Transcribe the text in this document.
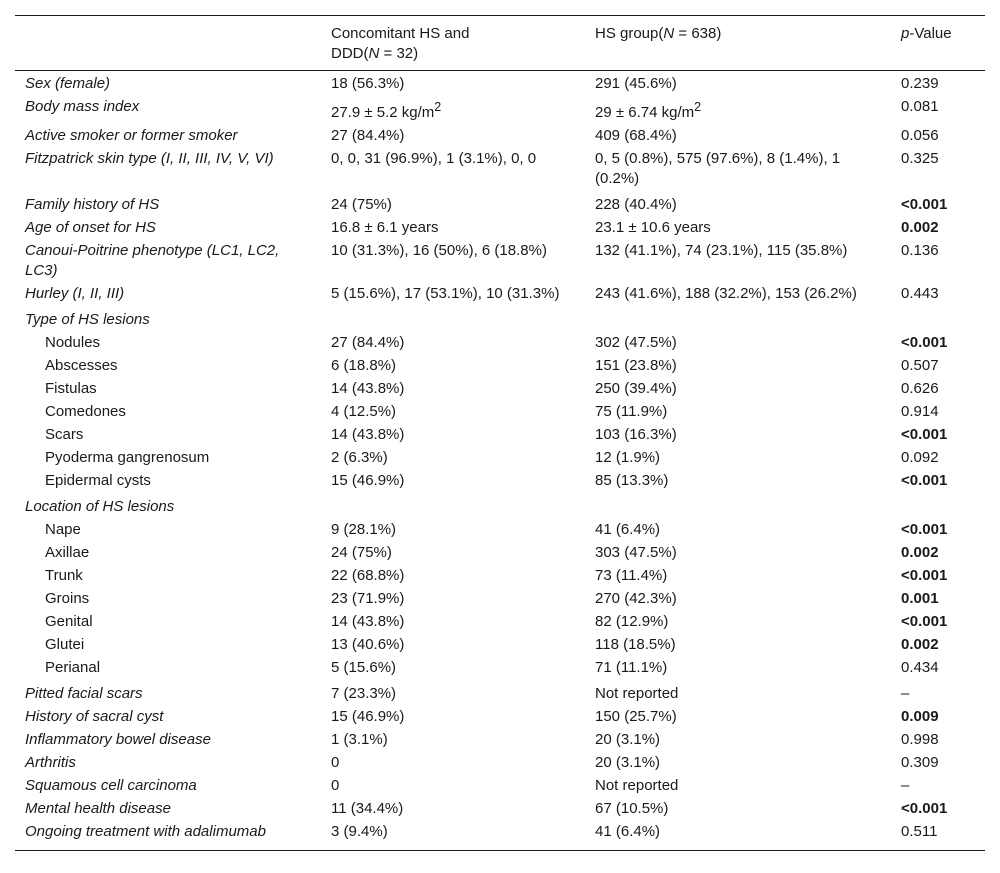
	Concomitant HS and
DDD(N = 32)	HS group(N = 638)	p-Value
Sex (female)	18 (56.3%)	291 (45.6%)	0.239
Body mass index	27.9 ± 5.2 $kg/m^2$	29 ± 6.74 $kg/m^2$	0.081
Active smoker or former smoker	27 (84.4%)	409 (68.4%)	0.056
Fitzpatrick skin type (I, II, III, IV, V, VI)	0, 0, 31 (96.9%), 1 (3.1%), 0, 0	0, 5 (0.8%), 575 (97.6%), 8 (1.4%), 1 (0.2%)	0.325
Family history of HS	24 (75%)	228 (40.4%)	<0.001
Age of onset for HS	16.8 ± 6.1 years	23.1 ± 10.6 years	0.002
Canoui-Poitrine phenotype (LC1, LC2, LC3)	10 (31.3%), 16 (50%), 6 (18.8%)	132 (41.1%), 74 (23.1%), 115 (35.8%)	0.136
Hurley (I, II, III)	5 (15.6%), 17 (53.1%), 10 (31.3%)	243 (41.6%), 188 (32.2%), 153 (26.2%)	0.443
Type of HS lesions			
Nodules	27 (84.4%)	302 (47.5%)	<0.001
Abscesses	6 (18.8%)	151 (23.8%)	0.507
Fistulas	14 (43.8%)	250 (39.4%)	0.626
Comedones	4 (12.5%)	75 (11.9%)	0.914
Scars	14 (43.8%)	103 (16.3%)	<0.001
Pyoderma gangrenosum	2 (6.3%)	12 (1.9%)	0.092
Epidermal cysts	15 (46.9%)	85 (13.3%)	<0.001
Location of HS lesions			
Nape	9 (28.1%)	41 (6.4%)	<0.001
Axillae	24 (75%)	303 (47.5%)	0.002
Trunk	22 (68.8%)	73 (11.4%)	<0.001
Groins	23 (71.9%)	270 (42.3%)	0.001
Genital	14 (43.8%)	82 (12.9%)	<0.001
Glutei	13 (40.6%)	118 (18.5%)	0.002
Perianal	5 (15.6%)	71 (11.1%)	0.434
Pitted facial scars	7 (23.3%)	Not reported	–
History of sacral cyst	15 (46.9%)	150 (25.7%)	0.009
Inflammatory bowel disease	1 (3.1%)	20 (3.1%)	0.998
Arthritis	0	20 (3.1%)	0.309
Squamous cell carcinoma	0	Not reported	–
Mental health disease	11 (34.4%)	67 (10.5%)	<0.001
Ongoing treatment with adalimumab	3 (9.4%)	41 (6.4%)	0.511
